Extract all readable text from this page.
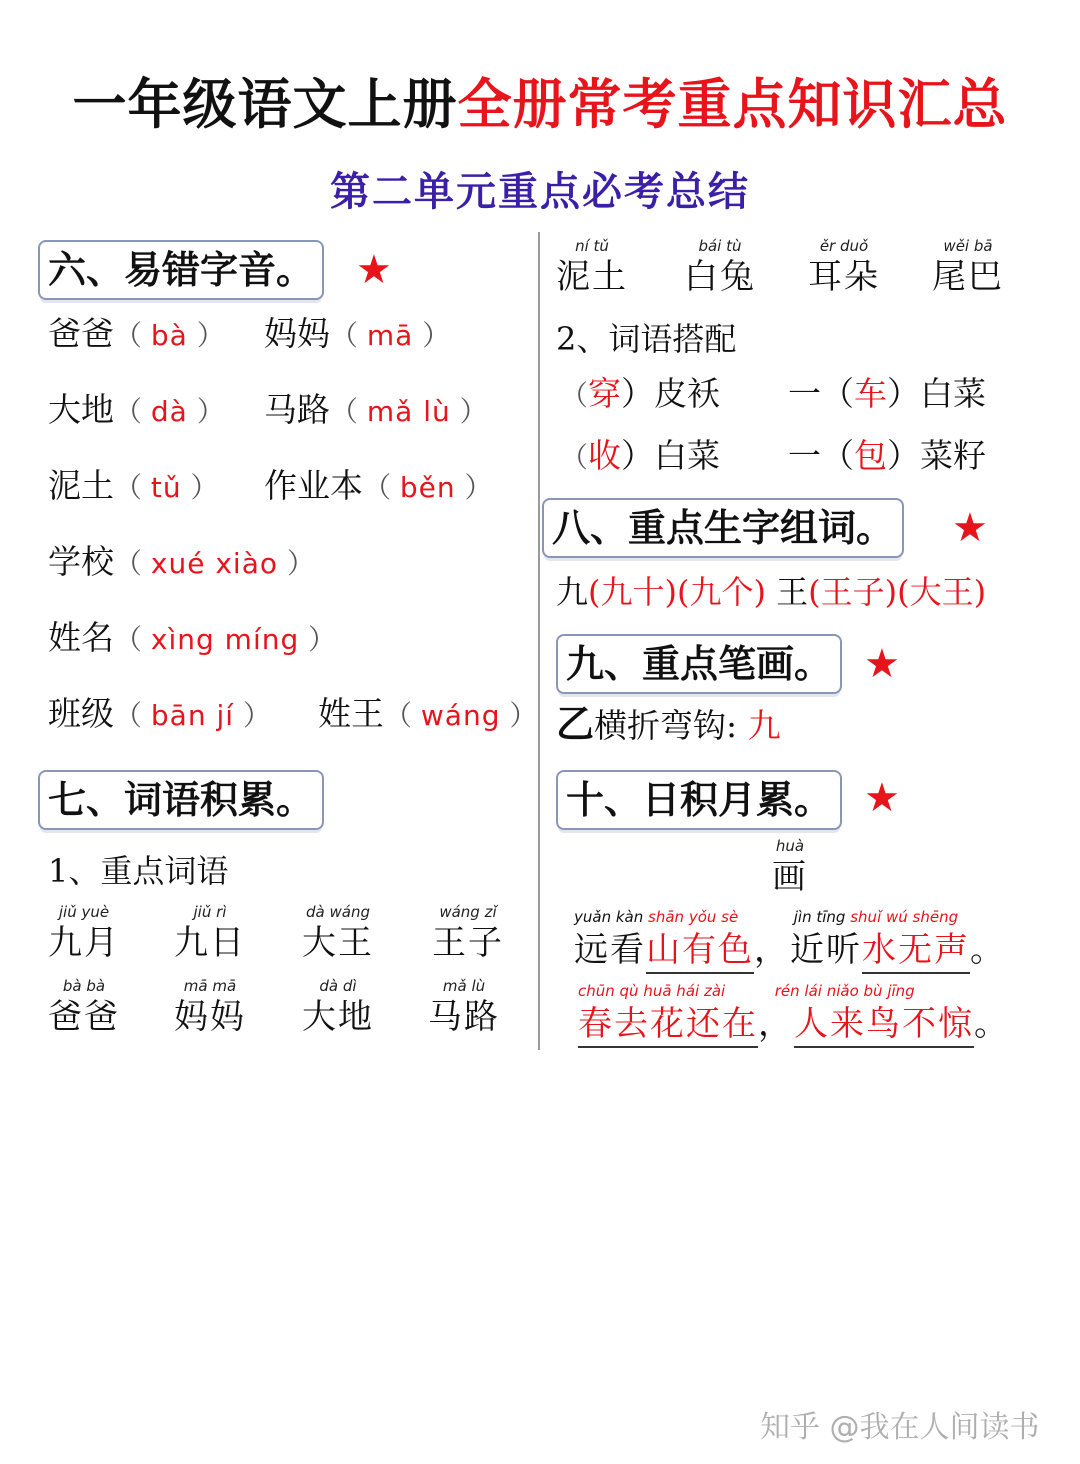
一年级语文上册全册常考重点知识汇总
第二单元重点必考总结
六、易错字音。 ★
爸爸（ bà ） 妈妈（ mā ）
大地（ dà ） 马路（ mǎ lù ）
泥土（ tǔ ） 作业本（ běn ）
学校（ xué xiào ）
姓名（ xìng míng ）
班级（ bān jí ） 姓王（ wáng ）
七、词语积累。
1、重点词语
jiǔ yuè
九月
jiǔ rì
九日
dà wáng
大王
wáng zǐ
王子
bà bà
爸爸
mā mā
妈妈
dà dì
大地
mǎ lù
马路
ní tǔ
泥土
bái tù
白兔
ěr duǒ
耳朵
wěi bā
尾巴
2、词语搭配
（穿）皮袄 一（车）白菜
（收）白菜 一（包）菜籽
八、重点生字组词。 ★
九(九十)(九个) 王(王子)(大王)
九、重点笔画。 ★
乙横折弯钩: 九
十、日积月累。 ★
huà
画
yuǎn kàn shān yǒu sè	jìn tīng shuǐ wú shēng
远看山有色，近听水无声。
chūn qù huā hái zài	rén lái niǎo bù jīng
春去花还在，人来鸟不惊。
知乎 @我在人间读书
